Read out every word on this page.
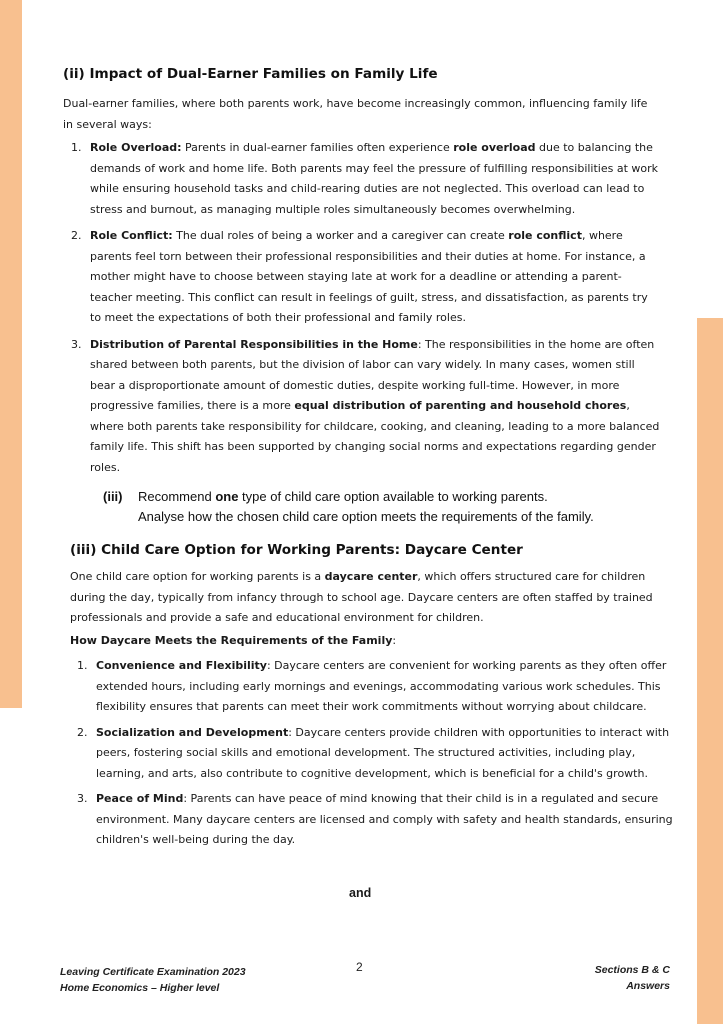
(ii) Impact of Dual-Earner Families on Family Life

Dual-earner families, where both parents work, have become increasingly common, influencing family life in several ways:

1. Role Overload: Parents in dual-earner families often experience role overload due to balancing the demands of work and home life. Both parents may feel the pressure of fulfilling responsibilities at work while ensuring household tasks and child-rearing duties are not neglected. This overload can lead to stress and burnout, as managing multiple roles simultaneously becomes overwhelming.
2. Role Conflict: The dual roles of being a worker and a caregiver can create role conflict, where parents feel torn between their professional responsibilities and their duties at home. For instance, a mother might have to choose between staying late at work for a deadline or attending a parent-teacher meeting. This conflict can result in feelings of guilt, stress, and dissatisfaction, as parents try to meet the expectations of both their professional and family roles.
3. Distribution of Parental Responsibilities in the Home: The responsibilities in the home are often shared between both parents, but the division of labor can vary widely. In many cases, women still bear a disproportionate amount of domestic duties, despite working full-time. However, in more progressive families, there is a more equal distribution of parenting and household chores, where both parents take responsibility for childcare, cooking, and cleaning, leading to a more balanced family life. This shift has been supported by changing social norms and expectations regarding gender roles.
(iii) Recommend one type of child care option available to working parents.
Analyse how the chosen child care option meets the requirements of the family.
(iii) Child Care Option for Working Parents: Daycare Center

One child care option for working parents is a daycare center, which offers structured care for children during the day, typically from infancy through to school age. Daycare centers are often staffed by trained professionals and provide a safe and educational environment for children.

How Daycare Meets the Requirements of the Family:

1. Convenience and Flexibility: Daycare centers are convenient for working parents as they often offer extended hours, including early mornings and evenings, accommodating various work schedules. This flexibility ensures that parents can meet their work commitments without worrying about childcare.
2. Socialization and Development: Daycare centers provide children with opportunities to interact with peers, fostering social skills and emotional development. The structured activities, including play, learning, and arts, also contribute to cognitive development, which is beneficial for a child's growth.
3. Peace of Mind: Parents can have peace of mind knowing that their child is in a regulated and secure environment. Many daycare centers are licensed and comply with safety and health standards, ensuring children's well-being during the day.
and
Leaving Certificate Examination 2023
Home Economics – Higher level
2	Sections B & C
Answers
